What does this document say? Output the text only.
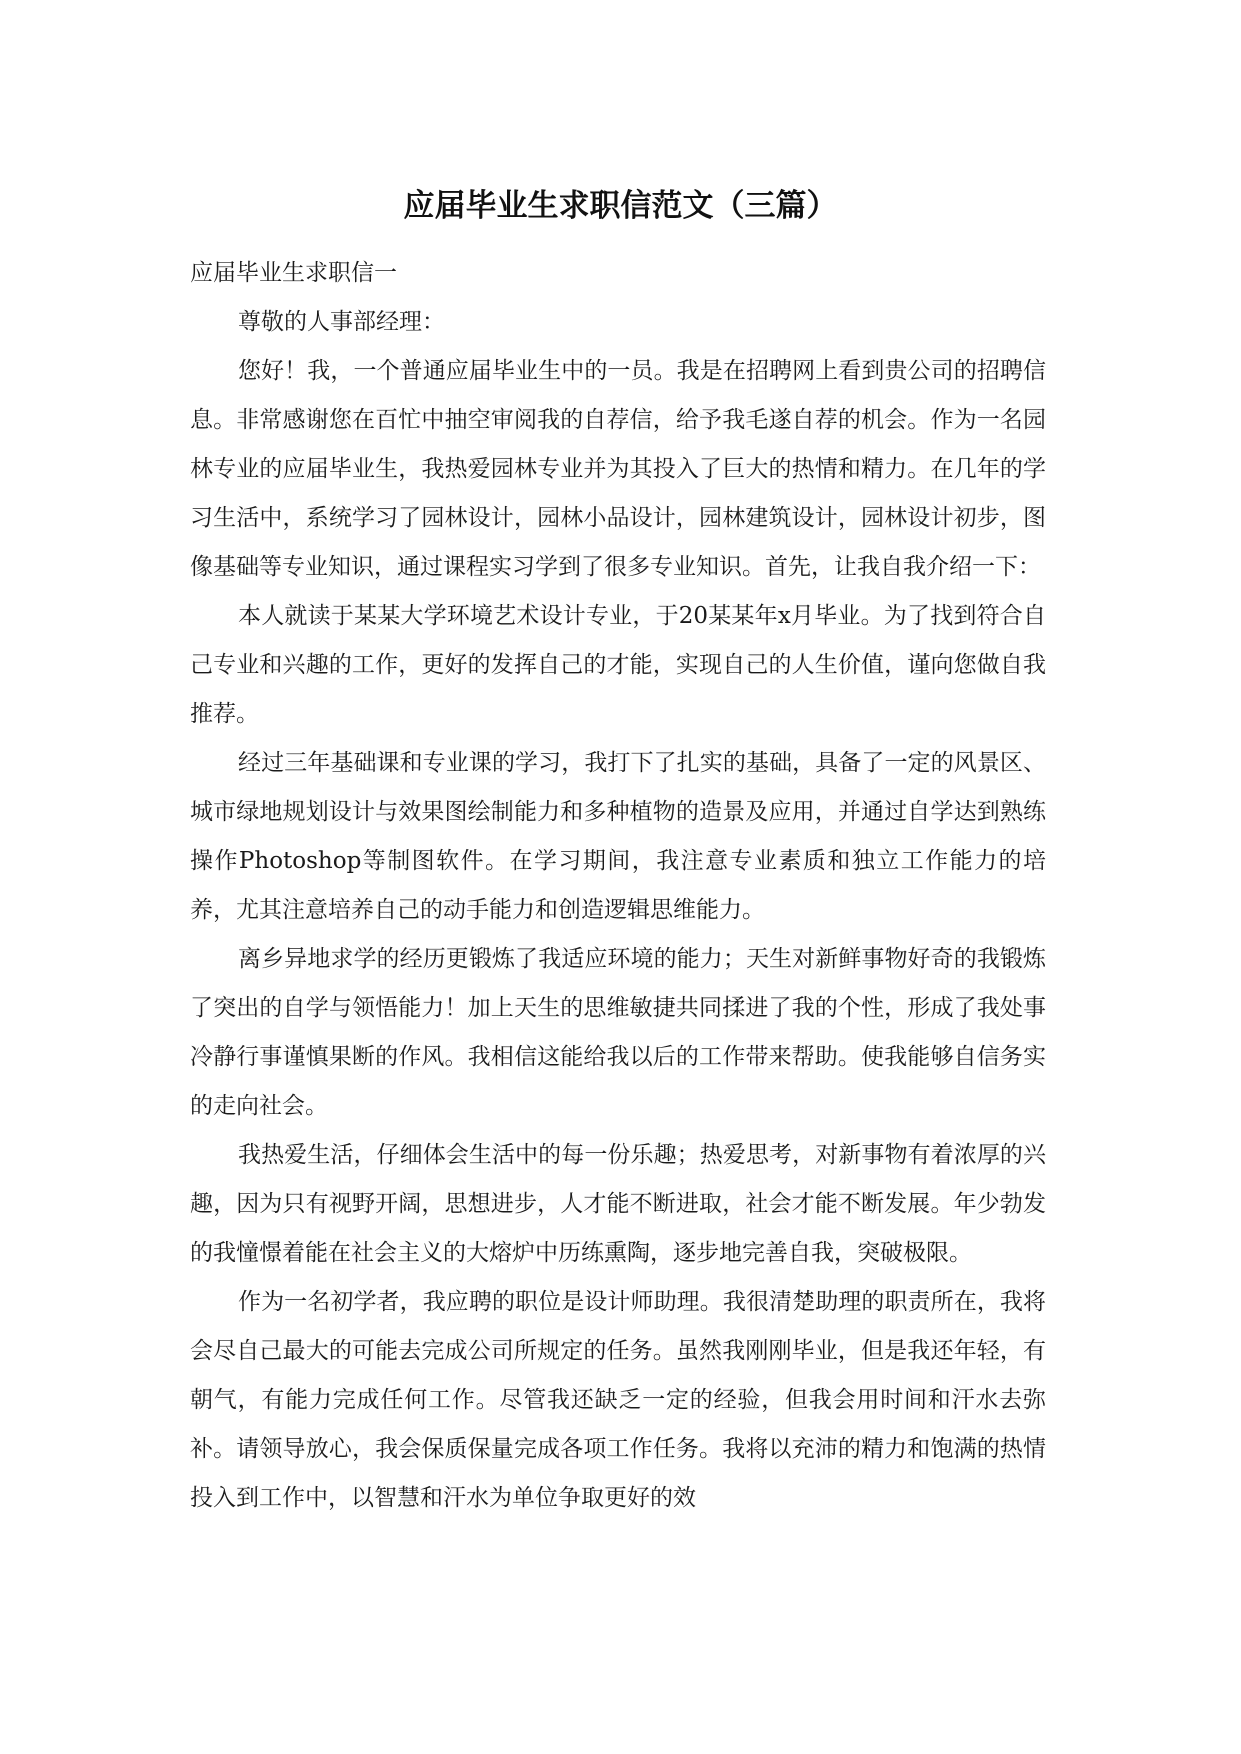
应届毕业生求职信范文（三篇）

应届毕业生求职信一

尊敬的人事部经理：

您好！我，一个普通应届毕业生中的一员。我是在招聘网上看到贵公司的招聘信息。非常感谢您在百忙中抽空审阅我的自荐信，给予我毛遂自荐的机会。作为一名园林专业的应届毕业生，我热爱园林专业并为其投入了巨大的热情和精力。在几年的学习生活中，系统学习了园林设计，园林小品设计，园林建筑设计，园林设计初步，图像基础等专业知识，通过课程实习学到了很多专业知识。首先，让我自我介绍一下：

本人就读于某某大学环境艺术设计专业，于20某某年x月毕业。为了找到符合自己专业和兴趣的工作，更好的发挥自己的才能，实现自己的人生价值，谨向您做自我推荐。

经过三年基础课和专业课的学习，我打下了扎实的基础，具备了一定的风景区、城市绿地规划设计与效果图绘制能力和多种植物的造景及应用，并通过自学达到熟练操作Photoshop等制图软件。在学习期间，我注意专业素质和独立工作能力的培养，尤其注意培养自己的动手能力和创造逻辑思维能力。

离乡异地求学的经历更锻炼了我适应环境的能力；天生对新鲜事物好奇的我锻炼了突出的自学与领悟能力！加上天生的思维敏捷共同揉进了我的个性，形成了我处事冷静行事谨慎果断的作风。我相信这能给我以后的工作带来帮助。使我能够自信务实的走向社会。

我热爱生活，仔细体会生活中的每一份乐趣；热爱思考，对新事物有着浓厚的兴趣，因为只有视野开阔，思想进步，人才能不断进取，社会才能不断发展。年少勃发的我憧憬着能在社会主义的大熔炉中历练熏陶，逐步地完善自我，突破极限。

作为一名初学者，我应聘的职位是设计师助理。我很清楚助理的职责所在，我将会尽自己最大的可能去完成公司所规定的任务。虽然我刚刚毕业，但是我还年轻，有朝气，有能力完成任何工作。尽管我还缺乏一定的经验，但我会用时间和汗水去弥补。请领导放心，我会保质保量完成各项工作任务。我将以充沛的精力和饱满的热情投入到工作中，以智慧和汗水为单位争取更好的效
